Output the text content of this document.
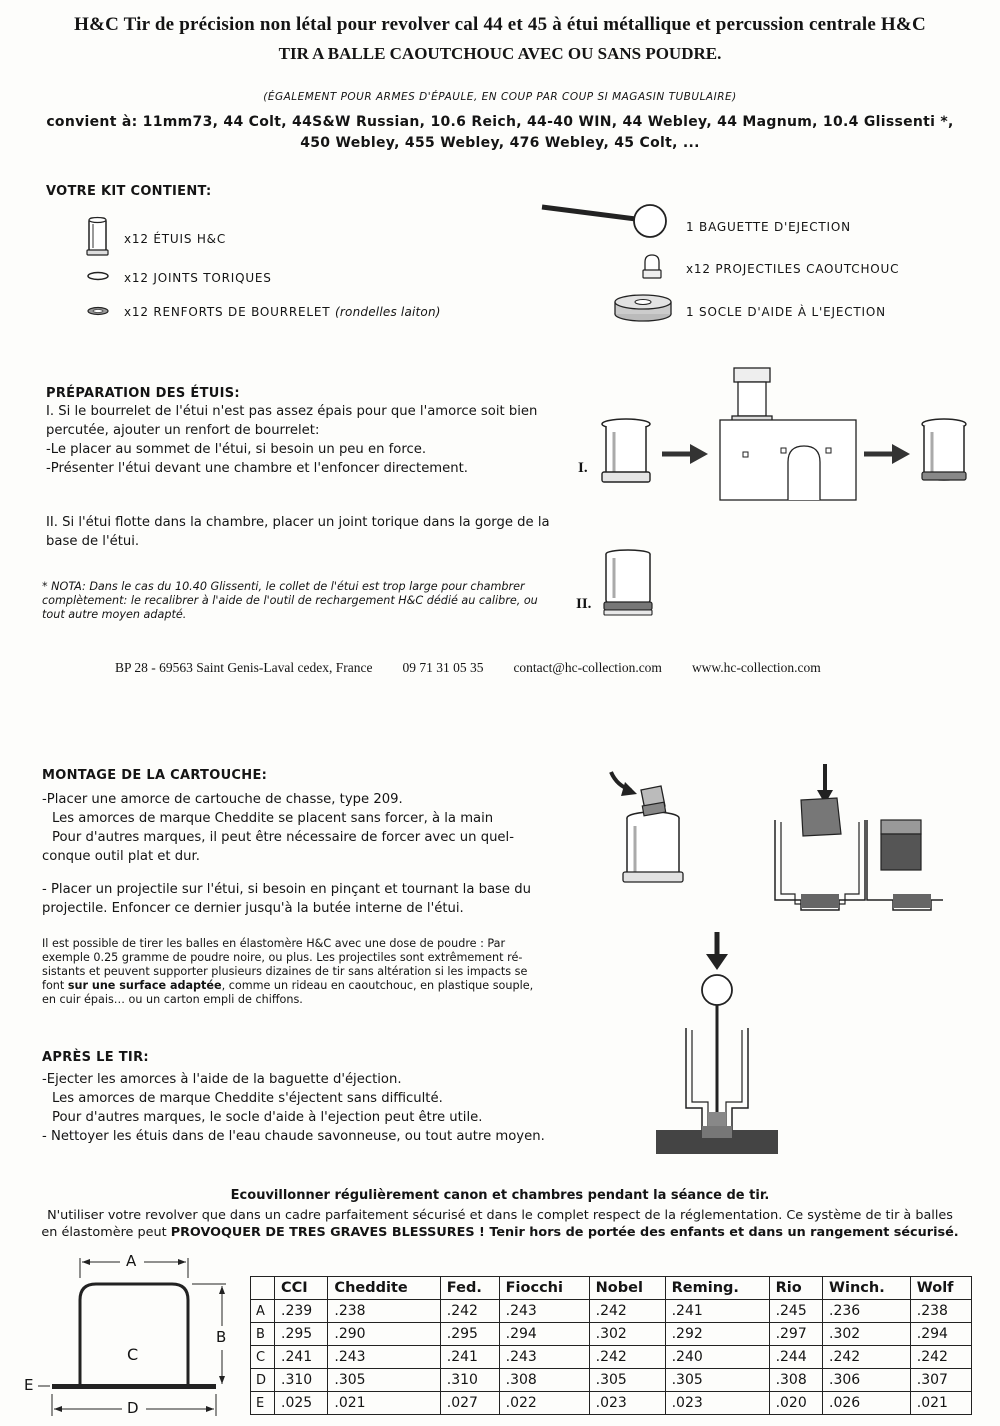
H&C Tir de précision non létal pour revolver cal 44 et 45 à étui métallique et percussion centrale H&C
TIR A BALLE CAOUTCHOUC AVEC OU SANS POUDRE.
(ÉGALEMENT POUR ARMES D'ÉPAULE, EN COUP PAR COUP SI MAGASIN TUBULAIRE)
convient à: 11mm73, 44 Colt, 44S&W Russian, 10.6 Reich, 44-40 WIN, 44 Webley, 44 Magnum, 10.4 Glissenti *,
450 Webley, 455 Webley, 476 Webley, 45 Colt, ...
VOTRE KIT CONTIENT:
x12 ÉTUIS H&C
x12 JOINTS TORIQUES
x12 RENFORTS DE BOURRELET (rondelles laiton)
1 BAGUETTE D'EJECTION
x12 PROJECTILES CAOUTCHOUC
1 SOCLE D'AIDE À L'EJECTION
PRÉPARATION DES ÉTUIS:
I. Si le bourrelet de l'étui n'est pas assez épais pour que l'amorce soit bien
percutée, ajouter un renfort de bourrelet:
-Le placer au sommet de l'étui, si besoin un peu en force.
-Présenter l'étui devant une chambre et l'enfoncer directement.
II. Si l'étui flotte dans la chambre, placer un joint torique dans la gorge de la
base de l'étui.
* NOTA: Dans le cas du 10.40 Glissenti, le collet de l'étui est trop large pour chambrer
complètement: le recalibrer à l'aide de l'outil de rechargement H&C dédié au calibre, ou
tout autre moyen adapté.
I.
II.
BP 28 - 69563 Saint Genis-Laval cedex, France 09 71 31 05 35 contact@hc-collection.com www.hc-collection.com
MONTAGE DE LA CARTOUCHE:
-Placer une amorce de cartouche de chasse, type 209.
Les amorces de marque Cheddite se placent sans forcer, à la main
Pour d'autres marques, il peut être nécessaire de forcer avec un quel-
conque outil plat et dur.
- Placer un projectile sur l'étui, si besoin en pinçant et tournant la base du
projectile. Enfoncer ce dernier jusqu'à la butée interne de l'étui.
Il est possible de tirer les balles en élastomère H&C avec une dose de poudre : Par
exemple 0.25 gramme de poudre noire, ou plus. Les projectiles sont extrêmement ré-
sistants et peuvent supporter plusieurs dizaines de tir sans altération si les impacts se
font sur une surface adaptée, comme un rideau en caoutchouc, en plastique souple,
en cuir épais… ou un carton empli de chiffons.
APRÈS LE TIR:
-Ejecter les amorces à l'aide de la baguette d'éjection.
Les amorces de marque Cheddite s'éjectent sans difficulté.
Pour d'autres marques, le socle d'aide à l'ejection peut être utile.
- Nettoyer les étuis dans de l'eau chaude savonneuse, ou tout autre moyen.
Ecouvillonner régulièrement canon et chambres pendant la séance de tir.
N'utiliser votre revolver que dans un cadre parfaitement sécurisé et dans le complet respect de la réglementation. Ce système de tir à balles
en élastomère peut PROVOQUER DE TRES GRAVES BLESSURES ! Tenir hors de portée des enfants et dans un rangement sécurisé.
A
B
C
D
E
	CCI	Cheddite	Fed.	Fiocchi	Nobel	Reming.	Rio	Winch.	Wolf
A	.239	.238	.242	.243	.242	.241	.245	.236	.238
B	.295	.290	.295	.294	.302	.292	.297	.302	.294
C	.241	.243	.241	.243	.242	.240	.244	.242	.242
D	.310	.305	.310	.308	.305	.305	.308	.306	.307
E	.025	.021	.027	.022	.023	.023	.020	.026	.021
